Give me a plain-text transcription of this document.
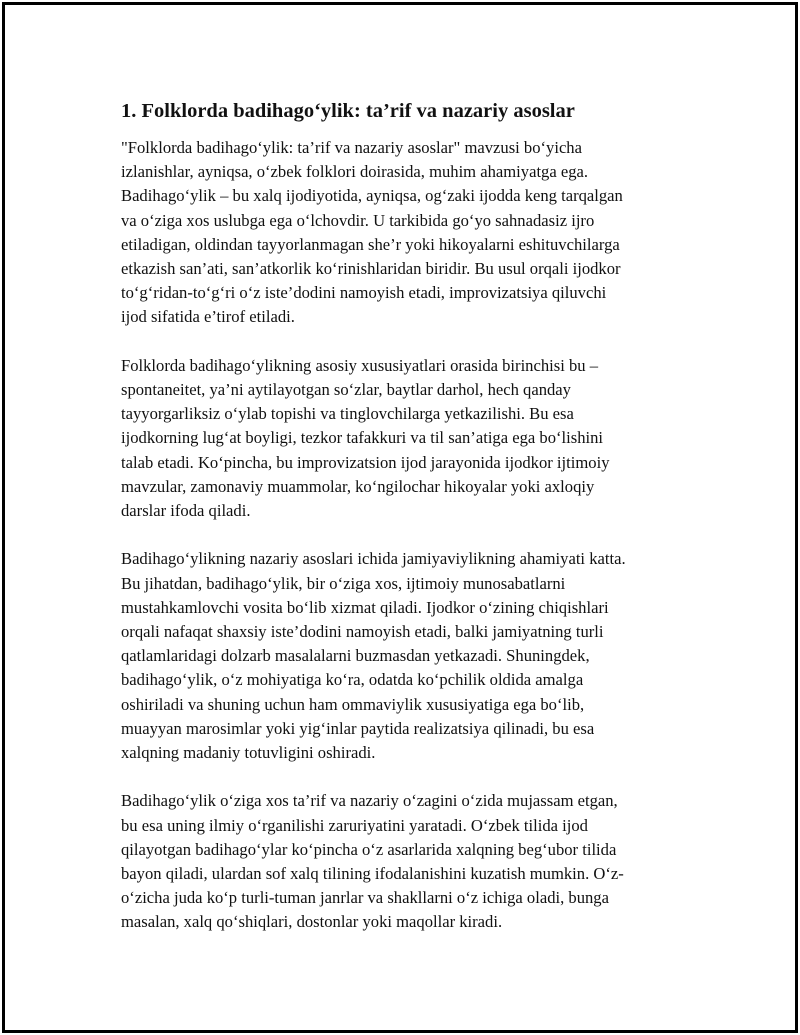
1. Folklorda badihago‘ylik: ta’rif va nazariy asoslar

"Folklorda badihago‘ylik: ta’rif va nazariy asoslar" mavzusi bo‘yicha
izlanishlar, ayniqsa, o‘zbek folklori doirasida, muhim ahamiyatga ega.
Badihago‘ylik – bu xalq ijodiyotida, ayniqsa, og‘zaki ijodda keng tarqalgan
va o‘ziga xos uslubga ega o‘lchovdir. U tarkibida go‘yo sahnadasiz ijro
etiladigan, oldindan tayyorlanmagan she’r yoki hikoyalarni eshituvchilarga
etkazish san’ati, san’atkorlik ko‘rinishlaridan biridir. Bu usul orqali ijodkor
to‘g‘ridan-to‘g‘ri o‘z iste’dodini namoyish etadi, improvizatsiya qiluvchi
ijod sifatida e’tirof etiladi.

Folklorda badihago‘ylikning asosiy xususiyatlari orasida birinchisi bu –
spontaneitet, ya’ni aytilayotgan so‘zlar, baytlar darhol, hech qanday
tayyorgarliksiz o‘ylab topishi va tinglovchilarga yetkazilishi. Bu esa
ijodkorning lug‘at boyligi, tezkor tafakkuri va til san’atiga ega bo‘lishini
talab etadi. Ko‘pincha, bu improvizatsion ijod jarayonida ijodkor ijtimoiy
mavzular, zamonaviy muammolar, ko‘ngilochar hikoyalar yoki axloqiy
darslar ifoda qiladi.

Badihago‘ylikning nazariy asoslari ichida jamiyaviylikning ahamiyati katta.
Bu jihatdan, badihago‘ylik, bir o‘ziga xos, ijtimoiy munosabatlarni
mustahkamlovchi vosita bo‘lib xizmat qiladi. Ijodkor o‘zining chiqishlari
orqali nafaqat shaxsiy iste’dodini namoyish etadi, balki jamiyatning turli
qatlamlaridagi dolzarb masalalarni buzmasdan yetkazadi. Shuningdek,
badihago‘ylik, o‘z mohiyatiga ko‘ra, odatda ko‘pchilik oldida amalga
oshiriladi va shuning uchun ham ommaviylik xususiyatiga ega bo‘lib,
muayyan marosimlar yoki yig‘inlar paytida realizatsiya qilinadi, bu esa
xalqning madaniy totuvligini oshiradi.

Badihago‘ylik o‘ziga xos ta’rif va nazariy o‘zagini o‘zida mujassam etgan,
bu esa uning ilmiy o‘rganilishi zaruriyatini yaratadi. O‘zbek tilida ijod
qilayotgan badihago‘ylar ko‘pincha o‘z asarlarida xalqning beg‘ubor tilida
bayon qiladi, ulardan sof xalq tilining ifodalanishini kuzatish mumkin. O‘z-
o‘zicha juda ko‘p turli-tuman janrlar va shakllarni o‘z ichiga oladi, bunga
masalan, xalq qo‘shiqlari, dostonlar yoki maqollar kiradi.
